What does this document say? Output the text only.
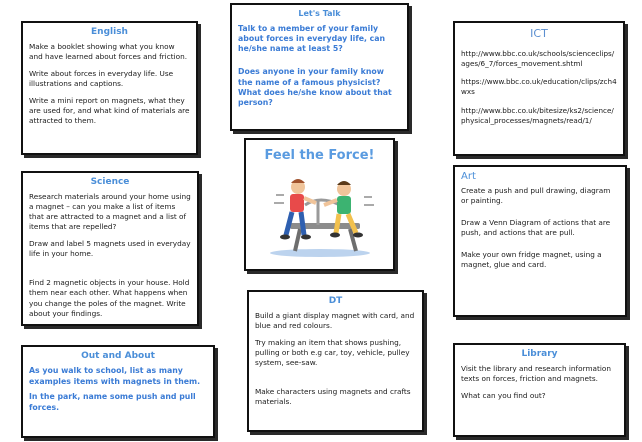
English
Make a booklet showing what you know and have learned about forces and friction.
Write about forces in everyday life. Use illustrations and captions.
Write a mini report on magnets, what they are used for, and what kind of materials are attracted to them.
Let's Talk
Talk to a member of your family about forces in everyday life, can he/she name at least 5?
Does anyone in your family know the name of a famous physicist? What does he/she know about that person?
ICT
http://www.bbc.co.uk/schools/scienceclips/ages/6_7/forces_movement.shtml
https://www.bbc.co.uk/education/clips/zch4wxs
http://www.bbc.co.uk/bitesize/ks2/science/physical_processes/magnets/read/1/
Feel the Force!
Science
Research materials around your home using a magnet – can you make a list of items that are attracted to a magnet and a list of items that are repelled?
Draw and label 5 magnets used in everyday life in your home.
Find 2 magnetic objects in your house. Hold them near each other. What happens when you change the poles of the magnet. Write about your findings.
Art
Create a push and pull drawing, diagram or painting.
Draw a Venn Diagram of actions that are push, and actions that are pull.
Make your own fridge magnet, using a magnet, glue and card.
DT
Build a giant display magnet with card, and blue and red colours.
Try making an item that shows pushing, pulling or both e.g car, toy, vehicle, pulley system, see-saw.
Make characters using magnets and crafts materials.
Out and About
As you walk to school, list as many examples items with magnets in them.
In the park, name some push and pull forces.
Library
Visit the library and research information texts on forces, friction and magnets.
What can you find out?
